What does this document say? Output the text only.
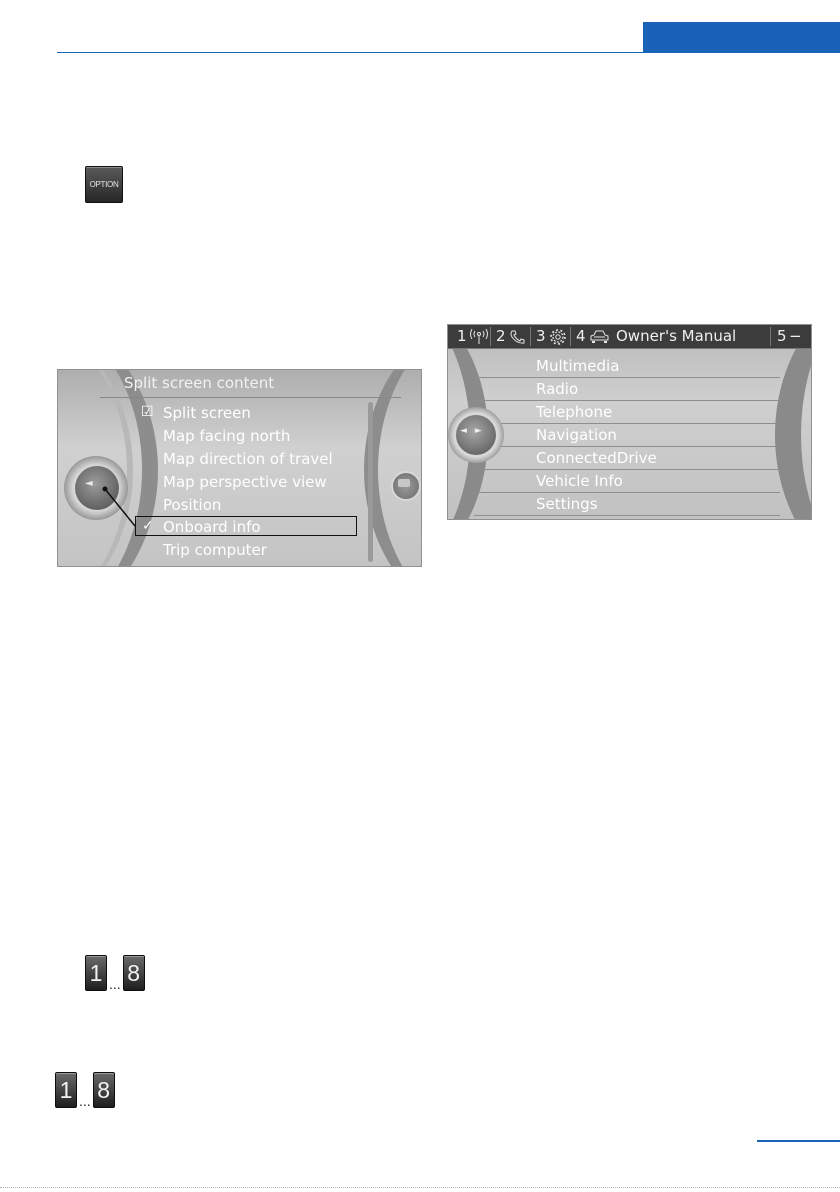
OPTION
Split screen content
☑ Split screen
Map facing north
Map direction of travel
Map perspective view
Position
✓ Onboard info
Trip computer
◄
1 2 3 4 Owner's Manual	5 −
Multimedia
Radio
Telephone
Navigation
ConnectedDrive
Vehicle Info
Settings
◄►
1 ... 8
1 ... 8
